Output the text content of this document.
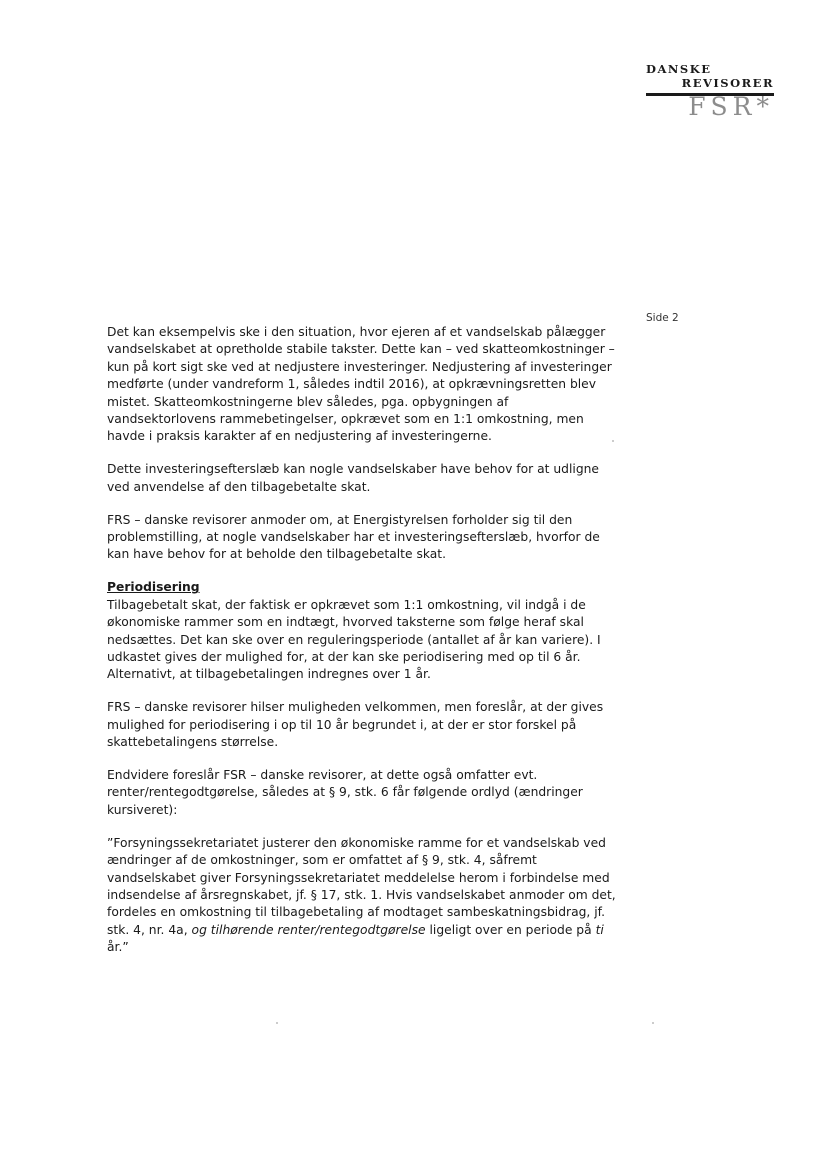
DANSKE
REVISORER
FSR*
Side 2

Det kan eksempelvis ske i den situation, hvor ejeren af et vandselskab pålægger vandselskabet at opretholde stabile takster. Dette kan – ved skatteomkostninger – kun på kort sigt ske ved at nedjustere investeringer. Nedjustering af investeringer medførte (under vandreform 1, således indtil 2016), at opkrævningsretten blev mistet. Skatteomkostningerne blev således, pga. opbygningen af vandsektorlovens rammebetingelser, opkrævet som en 1:1 omkostning, men havde i praksis karakter af en nedjustering af investeringerne.

Dette investeringsefterslæb kan nogle vandselskaber have behov for at udligne ved anvendelse af den tilbagebetalte skat.

FRS – danske revisorer anmoder om, at Energistyrelsen forholder sig til den problemstilling, at nogle vandselskaber har et investeringsefterslæb, hvorfor de kan have behov for at beholde den tilbagebetalte skat.

Periodisering

Tilbagebetalt skat, der faktisk er opkrævet som 1:1 omkostning, vil indgå i de økonomiske rammer som en indtægt, hvorved taksterne som følge heraf skal nedsættes. Det kan ske over en reguleringsperiode (antallet af år kan variere). I udkastet gives der mulighed for, at der kan ske periodisering med op til 6 år. Alternativt, at tilbagebetalingen indregnes over 1 år.

FRS – danske revisorer hilser muligheden velkommen, men foreslår, at der gives mulighed for periodisering i op til 10 år begrundet i, at der er stor forskel på skattebetalingens størrelse.

Endvidere foreslår FSR – danske revisorer, at dette også omfatter evt. renter/rentegodtgørelse, således at § 9, stk. 6 får følgende ordlyd (ændringer kursiveret):

”Forsyningssekretariatet justerer den økonomiske ramme for et vandselskab ved ændringer af de omkostninger, som er omfattet af § 9, stk. 4, såfremt vandselskabet giver Forsyningssekretariatet meddelelse herom i forbindelse med indsendelse af årsregnskabet, jf. § 17, stk. 1. Hvis vandselskabet anmoder om det, fordeles en omkostning til tilbagebetaling af modtaget sambeskatningsbidrag, jf. stk. 4, nr. 4a, og tilhørende renter/rentegodtgørelse ligeligt over en periode på ti år.”
